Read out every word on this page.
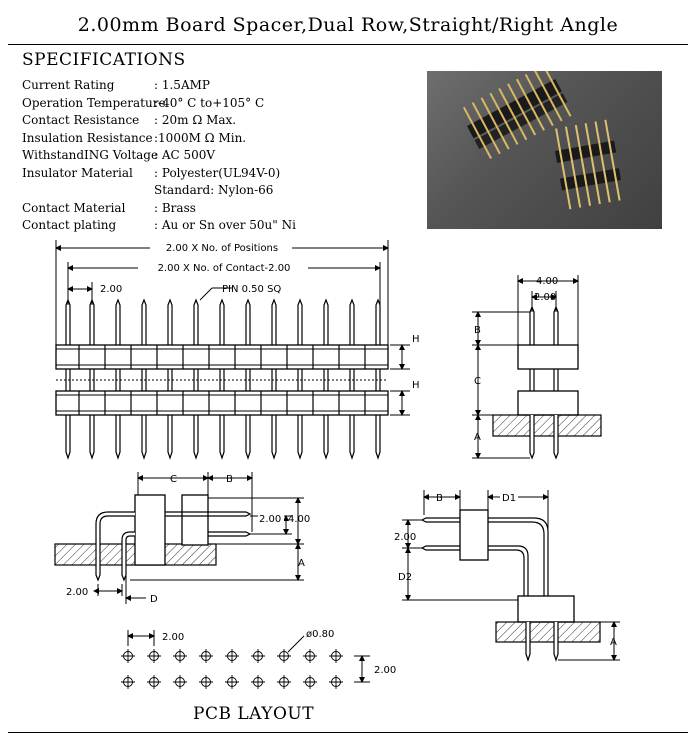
2.00mm Board Spacer,Dual Row,Straight/Right Angle
SPECIFICATIONS
Current Rating	: 1.5AMP
Operation Temperature
:-40° C to+105° C
Contact Resistance	: 20m Ω Max.
Insulation Resistance :1000M Ω Min.
WithstandING Voltage
: AC 500V
Insulator Material	: Polyester(UL94V-0)
Standard: Nylon-66
Contact Material	: Brass
Contact plating	: Au or Sn over 50u" Ni
2.00 X No. of Positions
2.00 X No. of Contact-2.00
2.00	PIN 0.50 SQ
H
H
4.00
2.00
B
C
A
C	B
2.00 4.00
A
2.00
D
B	D1
2.00
D2
A
2.00	ø0.80
2.00
PCB LAYOUT
